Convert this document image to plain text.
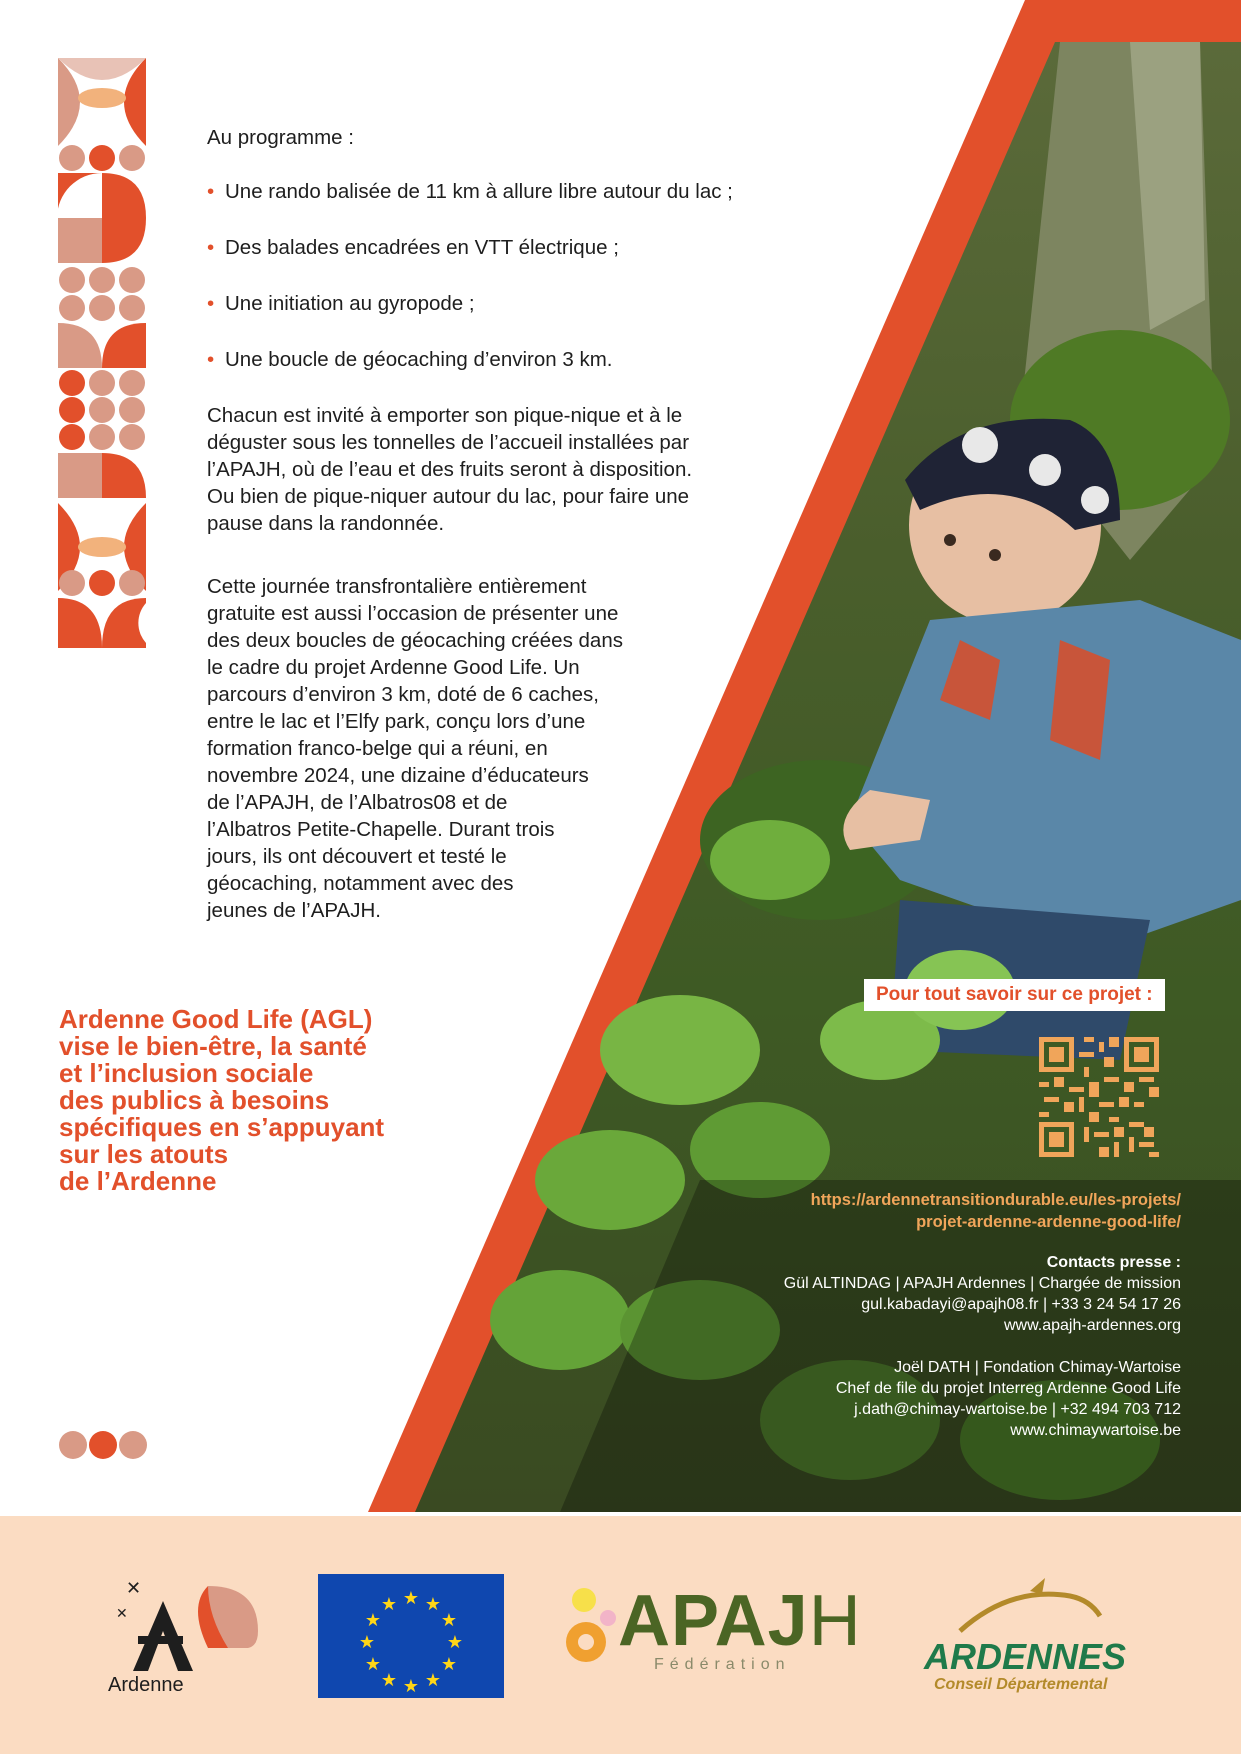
Au programme :

• Une rando balisée de 11 km à allure libre autour du lac ;

• Des balades encadrées en VTT électrique ;

• Une initiation au gyropode ;

• Une boucle de géocaching d’environ 3 km.

Chacun est invité à emporter son pique-nique et à le
déguster sous les tonnelles de l’accueil installées par
l’APAJH, où de l’eau et des fruits seront à disposition.
Ou bien de pique-niquer autour du lac, pour faire une
pause dans la randonnée.
Cette journée transfrontalière entièrement
gratuite est aussi l’occasion de présenter une
des deux boucles de géocaching créées dans
le cadre du projet Ardenne Good Life. Un
parcours d’environ 3 km, doté de 6 caches,
entre le lac et l’Elfy park, conçu lors d’une
formation franco-belge qui a réuni, en
novembre 2024, une dizaine d’éducateurs
de l’APAJH, de l’Albatros08 et de
l’Albatros Petite-Chapelle. Durant trois
jours, ils ont découvert et testé le
géocaching, notamment avec des
jeunes de l’APAJH.
Ardenne Good Life (AGL)
vise le bien-être, la santé
et l’inclusion sociale
des publics à besoins
spécifiques en s’appuyant
sur les atouts
de l’Ardenne
Pour tout savoir sur ce projet :
https://ardennetransitiondurable.eu/les-projets/
projet-ardenne-ardenne-good-life/
Contacts presse :
Gül ALTINDAG | APAJH Ardennes | Chargée de mission
gul.kabadayi@apajh08.fr | +33 3 24 54 17 26
www.apajh-ardennes.org
Joël DATH | Fondation Chimay-Wartoise
Chef de file du projet Interreg Ardenne Good Life
j.dath@chimay-wartoise.be | +32 494 703 712
www.chimaywartoise.be
✕
✕
Ardenne
★ ★
★
★
★
★
★
★
★
★
★
★	APAJH
Fédération	ARDENNES
Conseil Départemental
